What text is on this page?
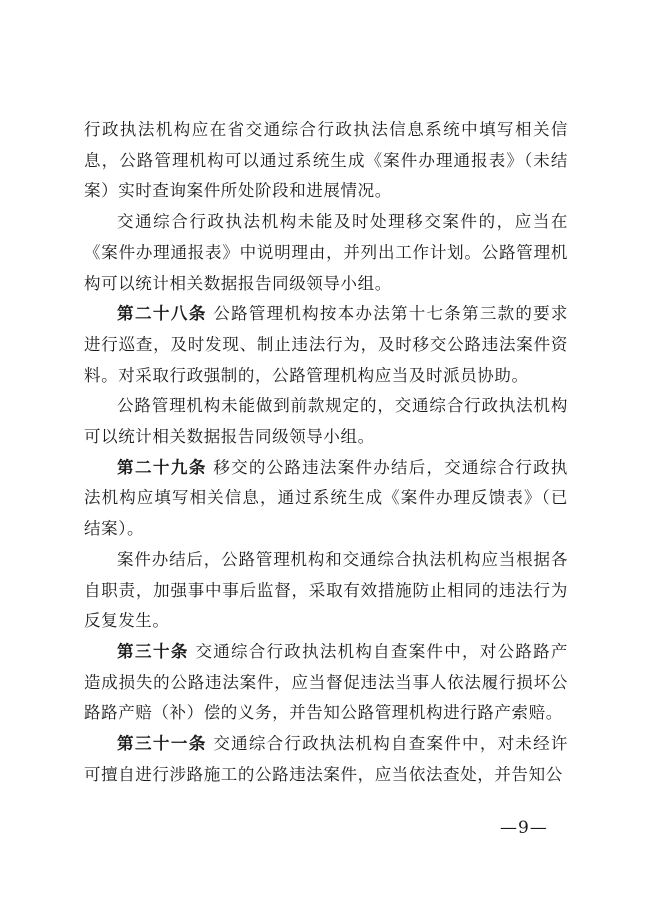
行政执法机构应在省交通综合行政执法信息系统中填写相关信息，公路管理机构可以通过系统生成《案件办理通报表》（未结案）实时查询案件所处阶段和进展情况。

交通综合行政执法机构未能及时处理移交案件的，应当在《案件办理通报表》中说明理由，并列出工作计划。公路管理机构可以统计相关数据报告同级领导小组。

第二十八条 公路管理机构按本办法第十七条第三款的要求进行巡查，及时发现、制止违法行为，及时移交公路违法案件资料。对采取行政强制的，公路管理机构应当及时派员协助。

公路管理机构未能做到前款规定的，交通综合行政执法机构可以统计相关数据报告同级领导小组。

第二十九条 移交的公路违法案件办结后，交通综合行政执法机构应填写相关信息，通过系统生成《案件办理反馈表》（已结案）。

案件办结后，公路管理机构和交通综合执法机构应当根据各自职责，加强事中事后监督，采取有效措施防止相同的违法行为反复发生。

第三十条 交通综合行政执法机构自查案件中，对公路路产造成损失的公路违法案件，应当督促违法当事人依法履行损坏公路路产赔（补）偿的义务，并告知公路管理机构进行路产索赔。

第三十一条 交通综合行政执法机构自查案件中，对未经许可擅自进行涉路施工的公路违法案件，应当依法查处，并告知公

—9—
